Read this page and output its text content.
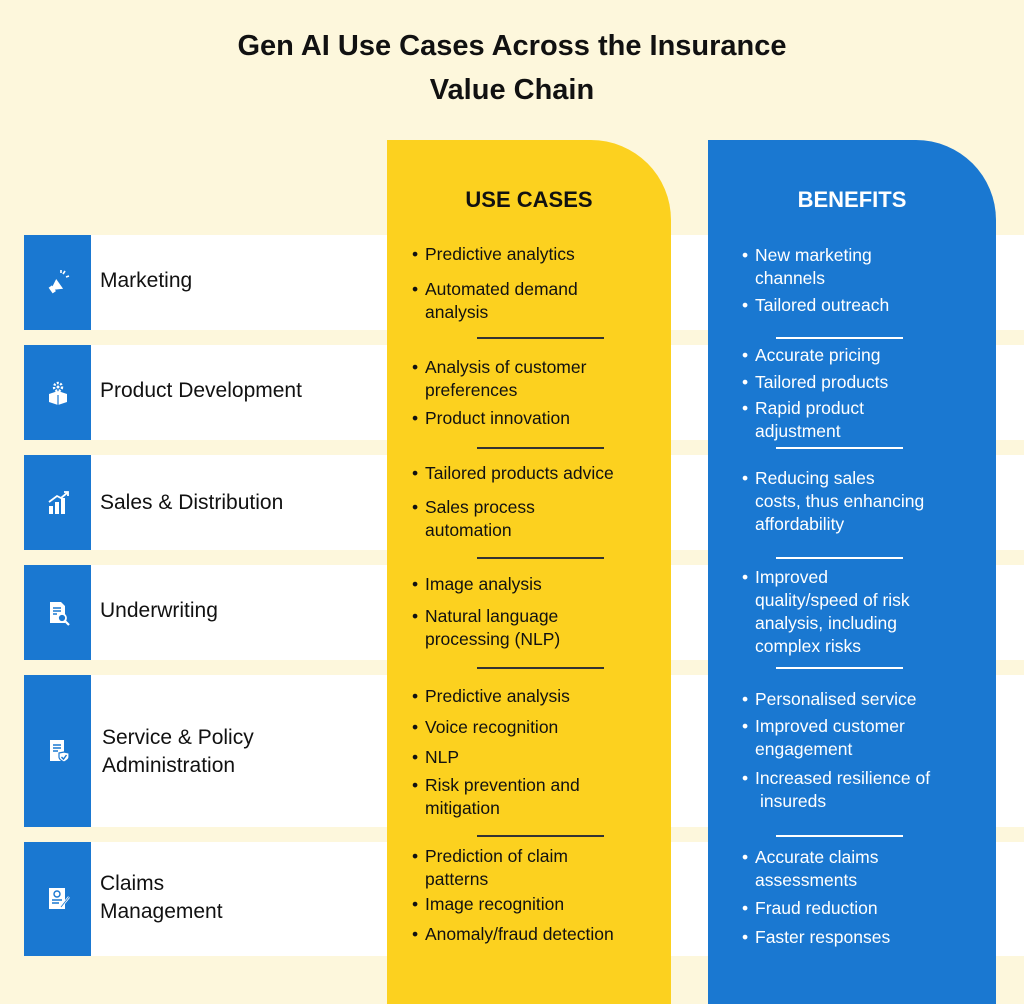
Gen AI Use Cases Across the Insurance
Value Chain
USE CASES	BENEFITS
Marketing
Product Development
Sales & Distribution
Underwriting
Service & Policy
Administration
Claims
Management
• Predictive analytics
• Automated demand
analysis
• Analysis of customer
preferences
• Product innovation
• Tailored products advice
• Sales process
automation
• Image analysis
• Natural language
processing (NLP)
• Predictive analysis
• Voice recognition
• NLP
• Risk prevention and
mitigation
• Prediction of claim
patterns
• Image recognition
• Anomaly/fraud detection
• New marketing
channels
• Tailored outreach
• Accurate pricing
• Tailored products
• Rapid product
adjustment
• Reducing sales
costs, thus enhancing
affordability
• Improved
quality/speed of risk
analysis, including
complex risks
• Personalised service
• Improved customer
engagement
• Increased resilience of
insureds
• Accurate claims
assessments
• Fraud reduction
• Faster responses
